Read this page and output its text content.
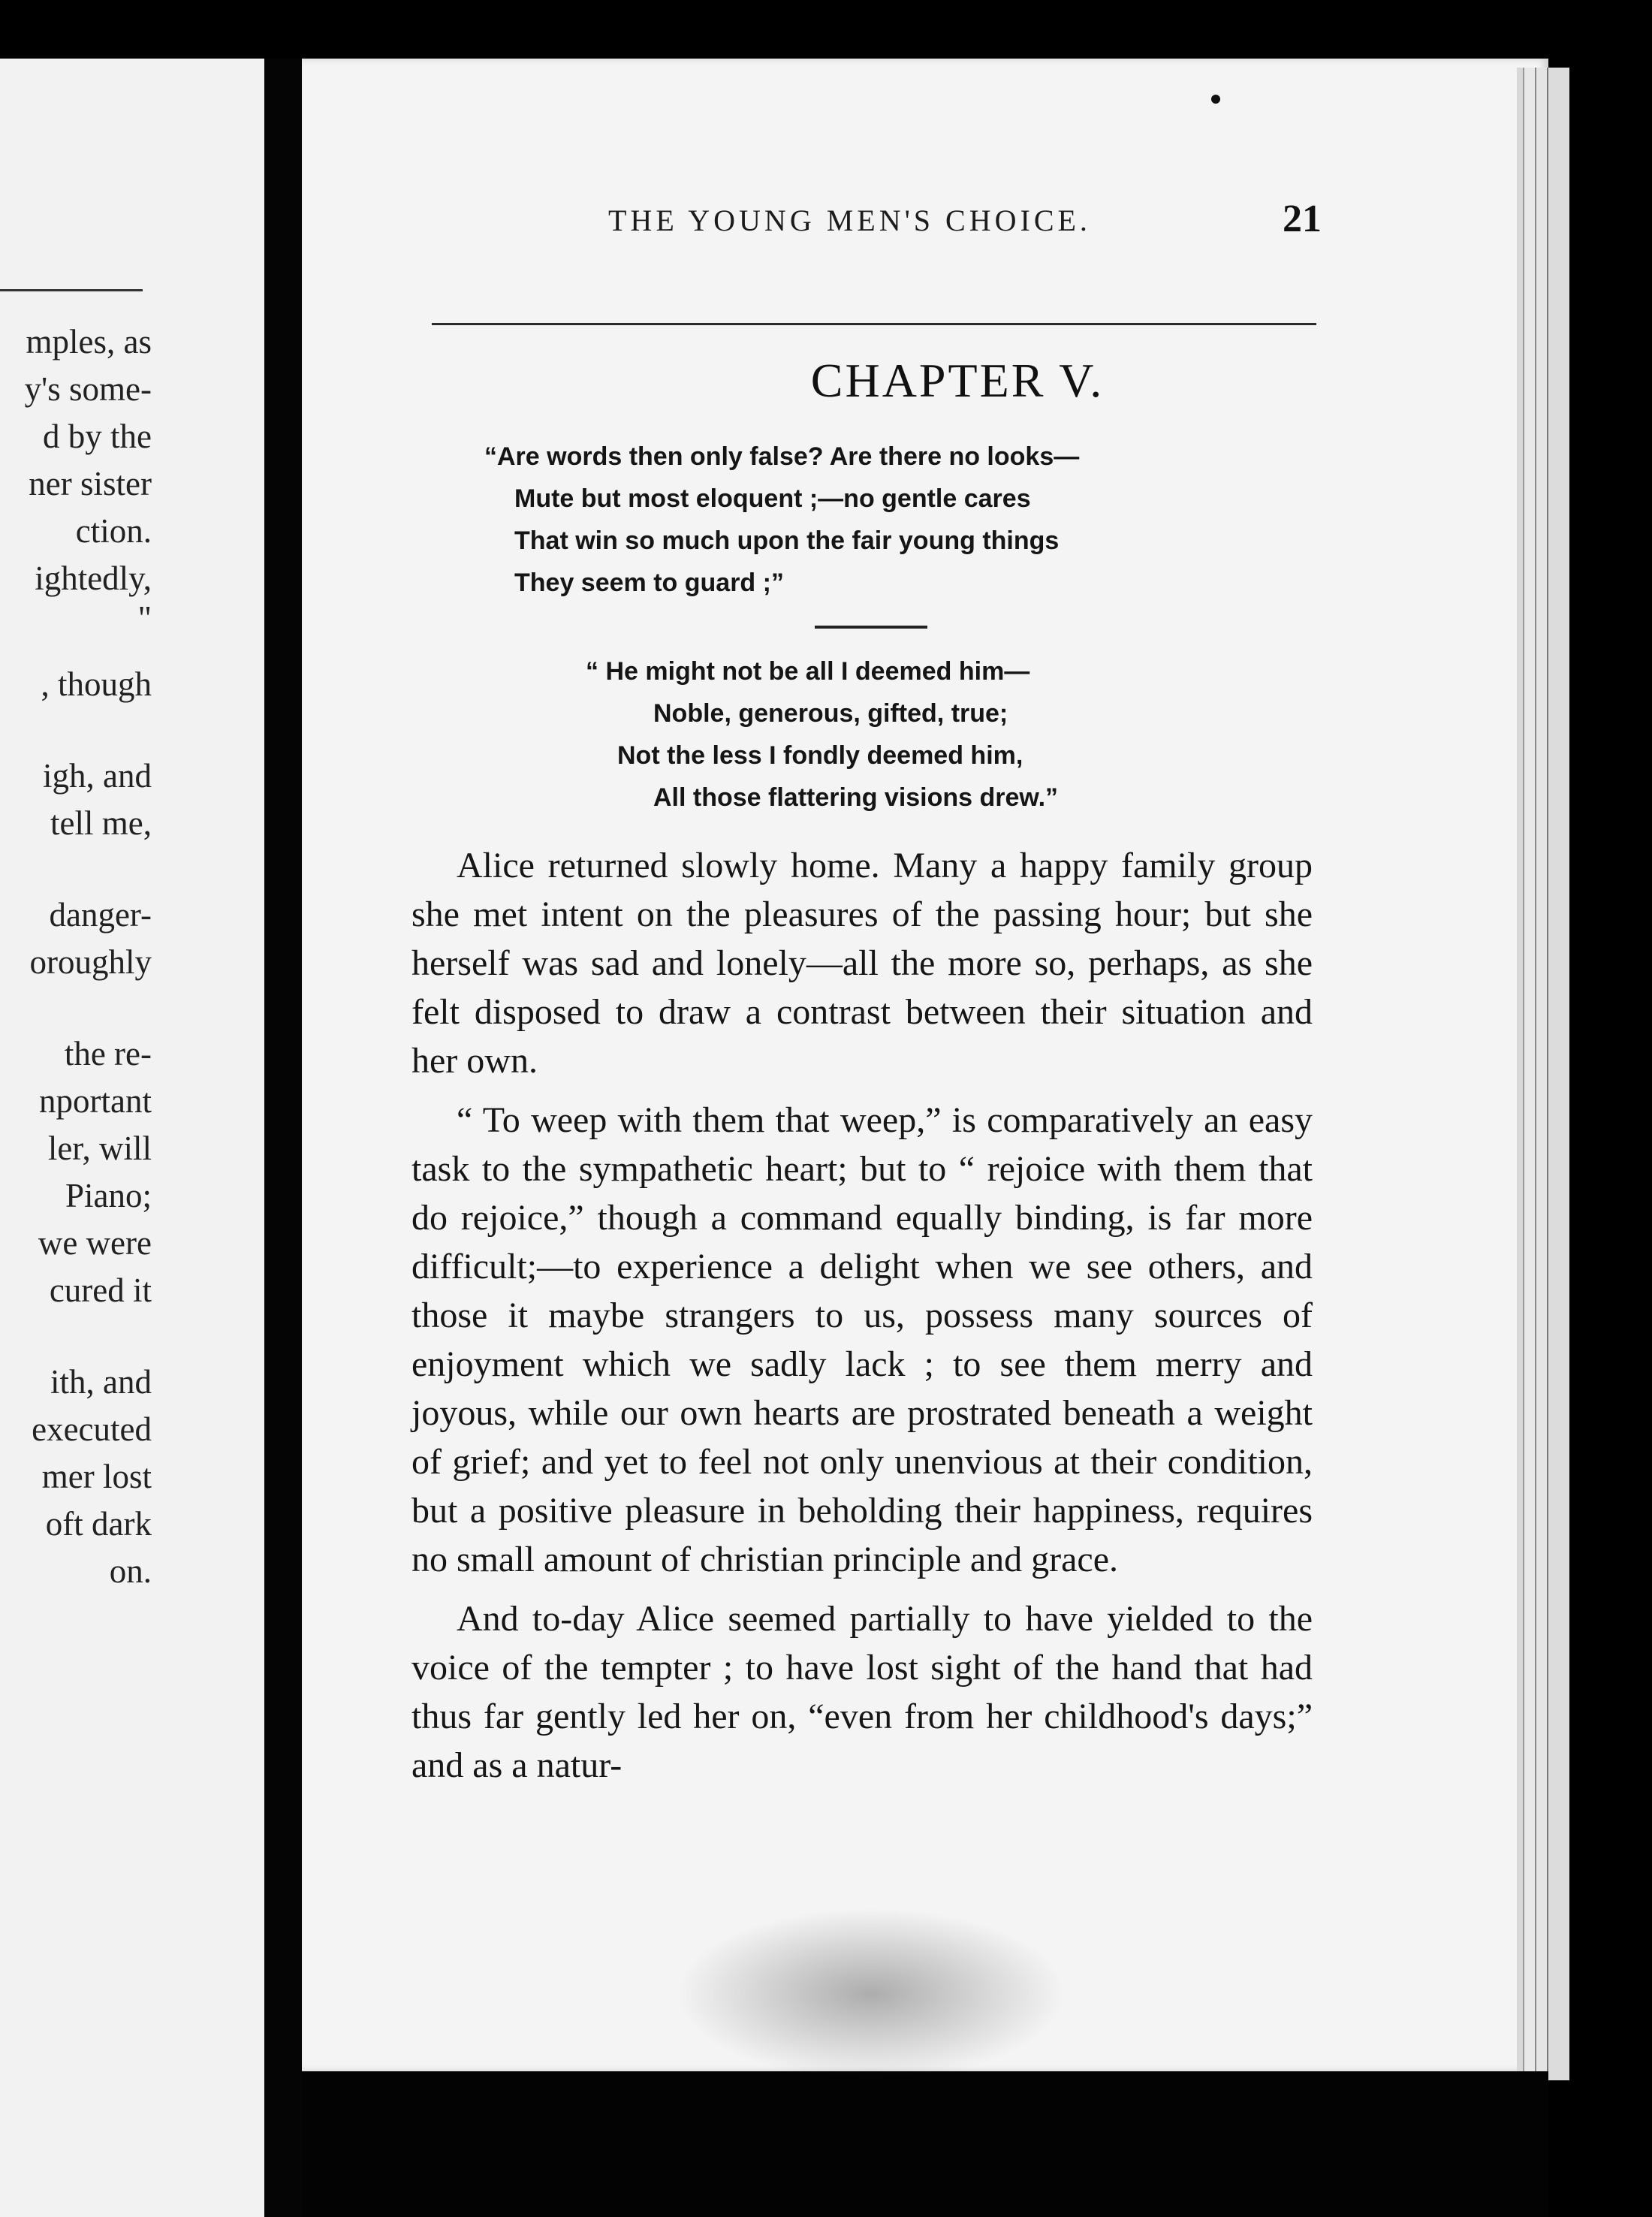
mples, as
y's some-
d by the
ner sister
ction.
ightedly,
"
, though
igh, and
tell me,
danger-
oroughly
the re-
nportant
ler, will
Piano;
we were
cured it
ith, and
executed
mer lost
oft dark
on.
THE YOUNG MEN'S CHOICE.	21
CHAPTER V.
“Are words then only false? Are there no looks—
Mute but most eloquent ;—no gentle cares
That win so much upon the fair young things
They seem to guard ;”
“ He might not be all I deemed him—
Noble, generous, gifted, true;
Not the less I fondly deemed him,
All those flattering visions drew.”

Alice returned slowly home. Many a happy family group she met intent on the pleasures of the passing hour; but she herself was sad and lonely—all the more so, perhaps, as she felt disposed to draw a contrast between their situation and her own.

“ To weep with them that weep,” is comparatively an easy task to the sympathetic heart; but to “ rejoice with them that do rejoice,” though a command equally binding, is far more difficult;—to experience a delight when we see others, and those it maybe strangers to us, possess many sources of enjoyment which we sadly lack ; to see them merry and joyous, while our own hearts are prostrated beneath a weight of grief; and yet to feel not only unenvious at their condition, but a positive pleasure in beholding their happiness, requires no small amount of christian principle and grace.

And to-day Alice seemed partially to have yielded to the voice of the tempter ; to have lost sight of the hand that had thus far gently led her on, “even from her childhood's days;” and as a natur-
